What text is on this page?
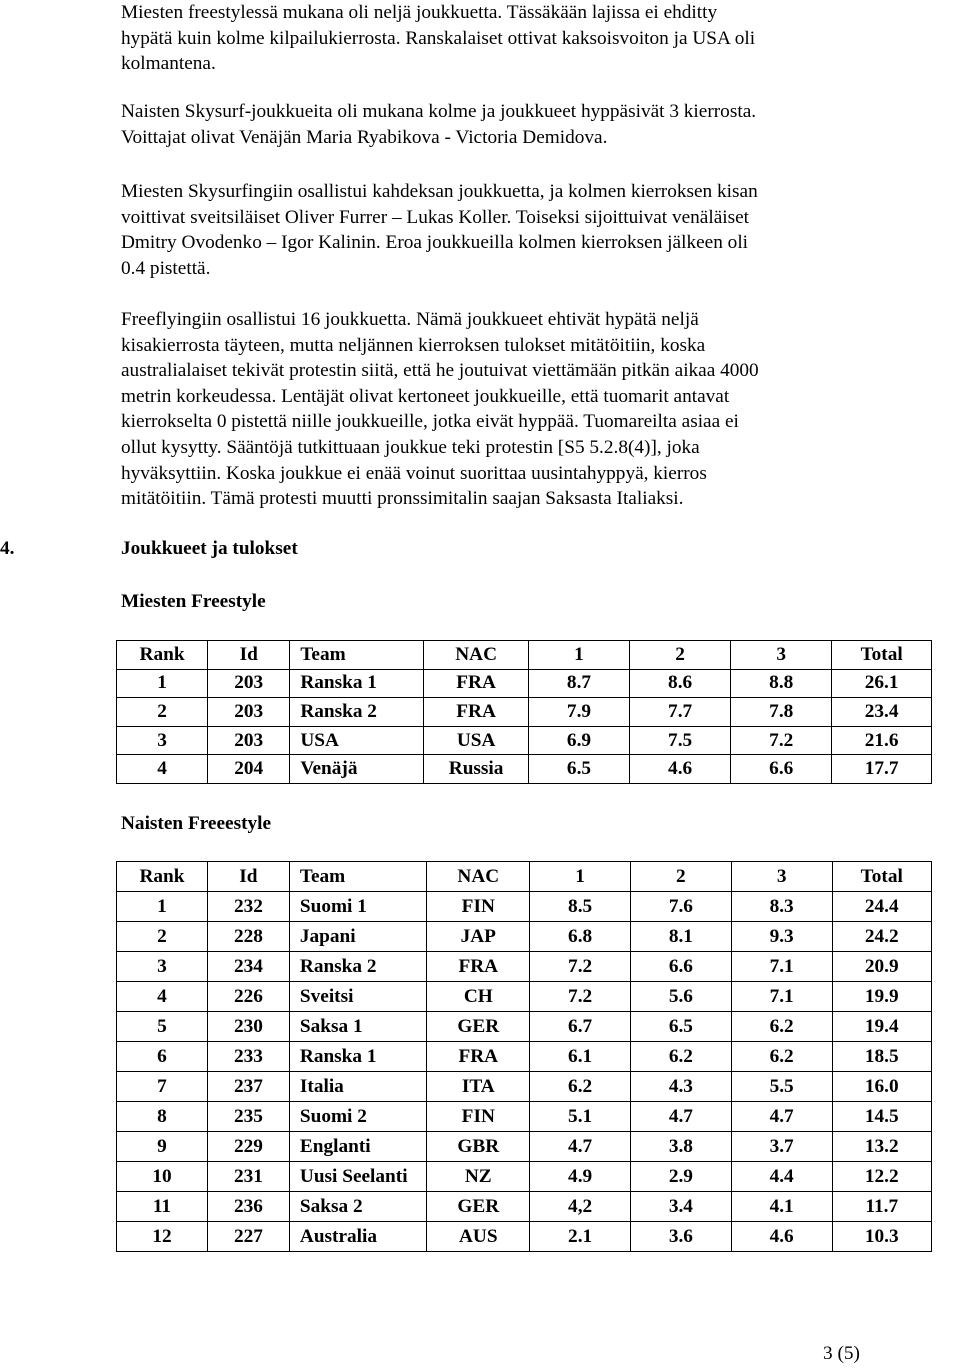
Miesten freestylessä mukana oli neljä joukkuetta. Tässäkään lajissa ei ehditty
hypätä kuin kolme kilpailukierrosta. Ranskalaiset ottivat kaksoisvoiton ja USA oli
kolmantena.
Naisten Skysurf-joukkueita oli mukana kolme ja joukkueet hyppäsivät 3 kierrosta.
Voittajat olivat Venäjän Maria Ryabikova - Victoria Demidova.
Miesten Skysurfingiin osallistui kahdeksan joukkuetta, ja kolmen kierroksen kisan
voittivat sveitsiläiset Oliver Furrer – Lukas Koller. Toiseksi sijoittuivat venäläiset
Dmitry Ovodenko – Igor Kalinin. Eroa joukkueilla kolmen kierroksen jälkeen oli
0.4 pistettä.
Freeflyingiin osallistui 16 joukkuetta. Nämä joukkueet ehtivät hypätä neljä
kisakierrosta täyteen, mutta neljännen kierroksen tulokset mitätöitiin, koska
australialaiset tekivät protestin siitä, että he joutuivat viettämään pitkän aikaa 4000
metrin korkeudessa. Lentäjät olivat kertoneet joukkueille, että tuomarit antavat
kierrokselta 0 pistettä niille joukkueille, jotka eivät hyppää. Tuomareilta asiaa ei
ollut kysytty. Sääntöjä tutkittuaan joukkue teki protestin [S5 5.2.8(4)], joka
hyväksyttiin. Koska joukkue ei enää voinut suorittaa uusintahyppyä, kierros
mitätöitiin. Tämä protesti muutti pronssimitalin saajan Saksasta Italiaksi.
4.	Joukkueet ja tulokset
Miesten Freestyle
Rank	Id	Team	NAC	1	2	3	Total
1	203	Ranska 1	FRA	8.7	8.6	8.8	26.1
2	203	Ranska 2	FRA	7.9	7.7	7.8	23.4
3	203	USA	USA	6.9	7.5	7.2	21.6
4	204	Venäjä	Russia	6.5	4.6	6.6	17.7
Naisten Freeestyle
Rank	Id	Team	NAC	1	2	3	Total
1	232	Suomi 1	FIN	8.5	7.6	8.3	24.4
2	228	Japani	JAP	6.8	8.1	9.3	24.2
3	234	Ranska 2	FRA	7.2	6.6	7.1	20.9
4	226	Sveitsi	CH	7.2	5.6	7.1	19.9
5	230	Saksa 1	GER	6.7	6.5	6.2	19.4
6	233	Ranska 1	FRA	6.1	6.2	6.2	18.5
7	237	Italia	ITA	6.2	4.3	5.5	16.0
8	235	Suomi 2	FIN	5.1	4.7	4.7	14.5
9	229	Englanti	GBR	4.7	3.8	3.7	13.2
10	231	Uusi Seelanti	NZ	4.9	2.9	4.4	12.2
11	236	Saksa 2	GER	4,2	3.4	4.1	11.7
12	227	Australia	AUS	2.1	3.6	4.6	10.3
3 (5)
